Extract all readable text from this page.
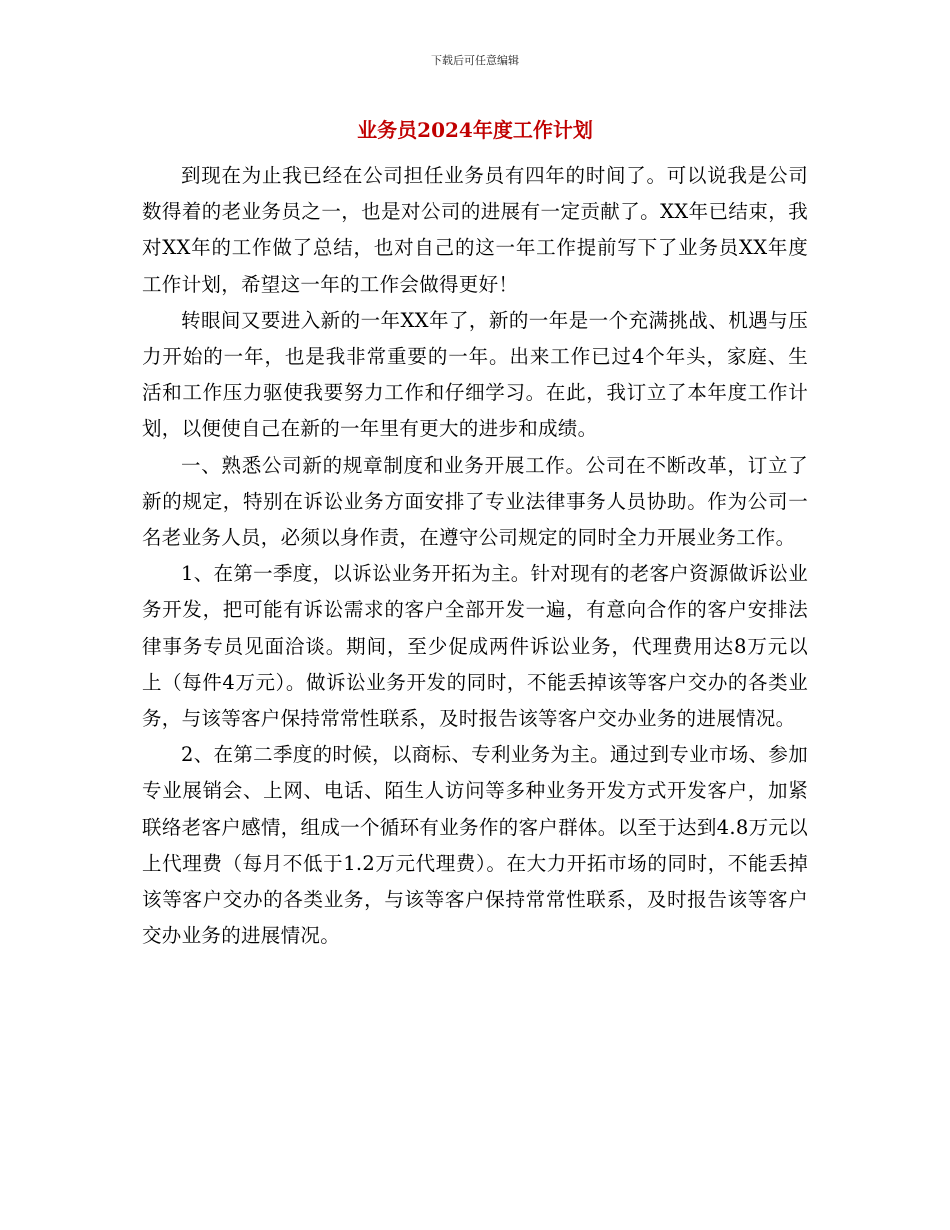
下载后可任意编辑
业务员2024年度工作计划

到现在为止我已经在公司担任业务员有四年的时间了。可以说我是公司数得着的老业务员之一，也是对公司的进展有一定贡献了。XX年已结束，我对XX年的工作做了总结，也对自己的这一年工作提前写下了业务员XX年度工作计划，希望这一年的工作会做得更好！

转眼间又要进入新的一年XX年了，新的一年是一个充满挑战、机遇与压力开始的一年，也是我非常重要的一年。出来工作已过4个年头，家庭、生活和工作压力驱使我要努力工作和仔细学习。在此，我订立了本年度工作计划，以便使自己在新的一年里有更大的进步和成绩。

一、熟悉公司新的规章制度和业务开展工作。公司在不断改革，订立了新的规定，特别在诉讼业务方面安排了专业法律事务人员协助。作为公司一名老业务人员，必须以身作责，在遵守公司规定的同时全力开展业务工作。

1、在第一季度，以诉讼业务开拓为主。针对现有的老客户资源做诉讼业务开发，把可能有诉讼需求的客户全部开发一遍，有意向合作的客户安排法律事务专员见面洽谈。期间，至少促成两件诉讼业务，代理费用达8万元以上（每件4万元）。做诉讼业务开发的同时，不能丢掉该等客户交办的各类业务，与该等客户保持常常性联系，及时报告该等客户交办业务的进展情况。

2、在第二季度的时候，以商标、专利业务为主。通过到专业市场、参加专业展销会、上网、电话、陌生人访问等多种业务开发方式开发客户，加紧联络老客户感情，组成一个循环有业务作的客户群体。以至于达到4.8万元以上代理费（每月不低于1.2万元代理费）。在大力开拓市场的同时，不能丢掉该等客户交办的各类业务，与该等客户保持常常性联系，及时报告该等客户交办业务的进展情况。
